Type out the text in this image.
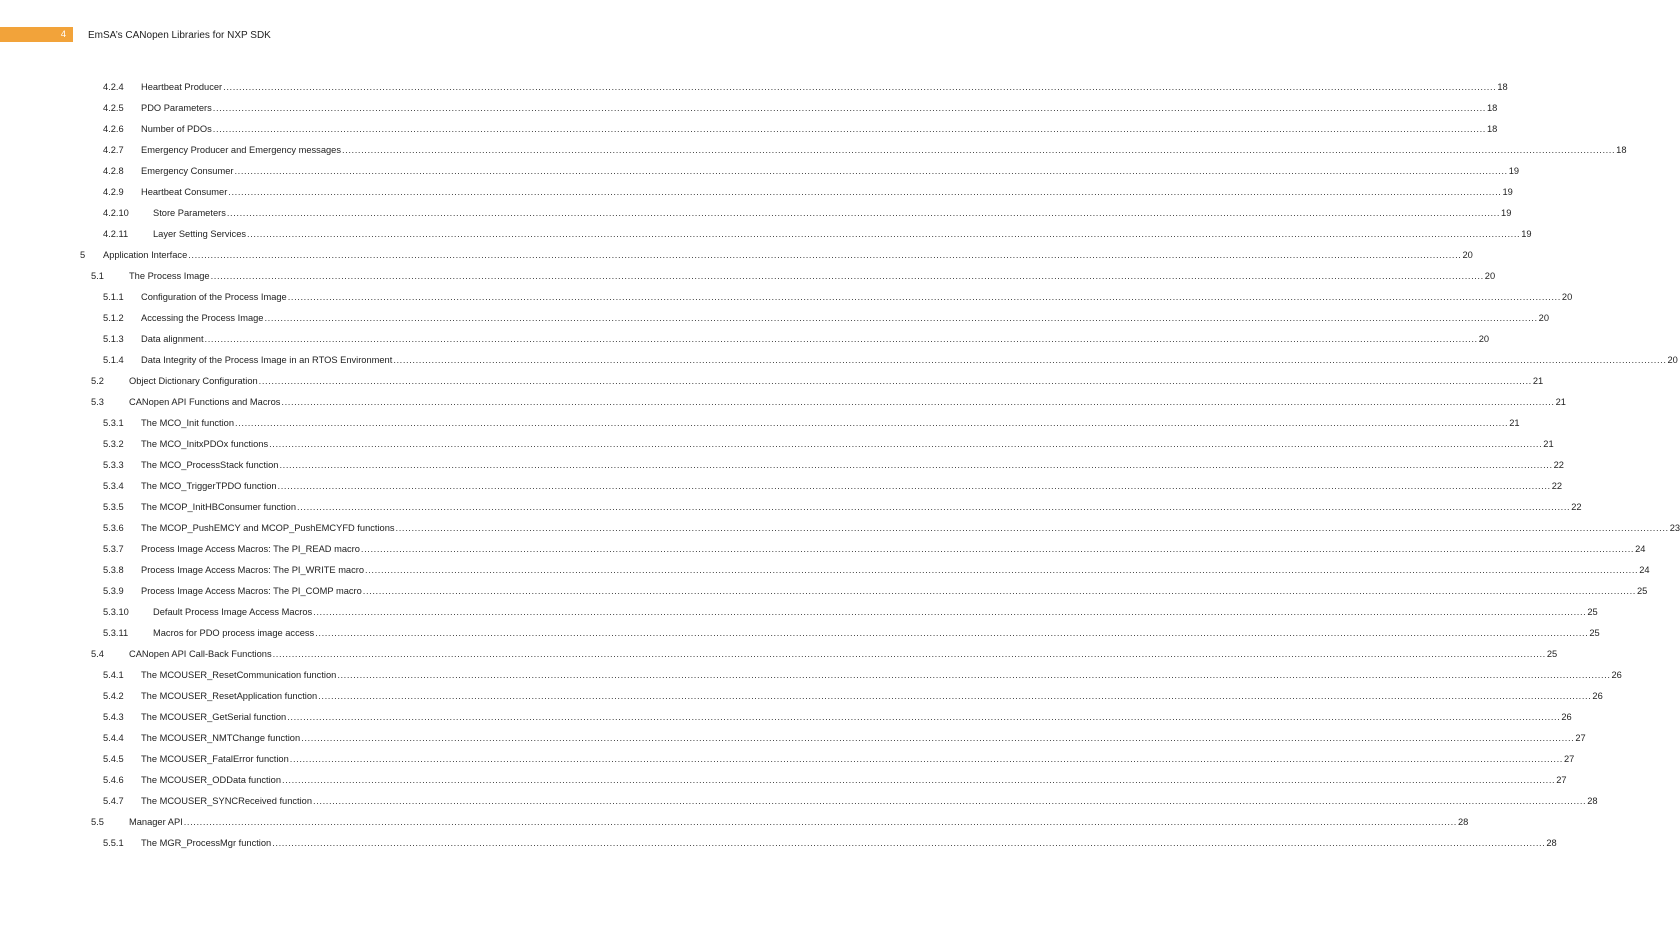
4 EmSA’s CANopen Libraries for NXP SDK
4.2.4 Heartbeat Producer ................................................................................................................................................................................................................................................................................................................................................................................................................ 18
4.2.5 PDO Parameters ................................................................................................................................................................................................................................................................................................................................................................................................................ 18
4.2.6 Number of PDOs ................................................................................................................................................................................................................................................................................................................................................................................................................ 18
4.2.7 Emergency Producer and Emergency messages ................................................................................................................................................................................................................................................................................................................................................................................................................ 18
4.2.8 Emergency Consumer ................................................................................................................................................................................................................................................................................................................................................................................................................ 19
4.2.9 Heartbeat Consumer ................................................................................................................................................................................................................................................................................................................................................................................................................ 19
4.2.10	Store Parameters ................................................................................................................................................................................................................................................................................................................................................................................................................ 19
4.2.11	Layer Setting Services ................................................................................................................................................................................................................................................................................................................................................................................................................ 19
5 Application Interface ................................................................................................................................................................................................................................................................................................................................................................................................................ 20
5.1	The Process Image ................................................................................................................................................................................................................................................................................................................................................................................................................ 20
5.1.1 Configuration of the Process Image ................................................................................................................................................................................................................................................................................................................................................................................................................ 20
5.1.2 Accessing the Process Image ................................................................................................................................................................................................................................................................................................................................................................................................................ 20
5.1.3 Data alignment ................................................................................................................................................................................................................................................................................................................................................................................................................ 20
5.1.4 Data Integrity of the Process Image in an RTOS Environment ................................................................................................................................................................................................................................................................................................................................................................................................................ 20
5.2	Object Dictionary Configuration ................................................................................................................................................................................................................................................................................................................................................................................................................ 21
5.3	CANopen API Functions and Macros ................................................................................................................................................................................................................................................................................................................................................................................................................ 21
5.3.1 The MCO_Init function ................................................................................................................................................................................................................................................................................................................................................................................................................ 21
5.3.2 The MCO_InitxPDOx functions ................................................................................................................................................................................................................................................................................................................................................................................................................ 21
5.3.3 The MCO_ProcessStack function ................................................................................................................................................................................................................................................................................................................................................................................................................ 22
5.3.4 The MCO_TriggerTPDO function ................................................................................................................................................................................................................................................................................................................................................................................................................ 22
5.3.5 The MCOP_InitHBConsumer function ................................................................................................................................................................................................................................................................................................................................................................................................................ 22
5.3.6 The MCOP_PushEMCY and MCOP_PushEMCYFD functions ................................................................................................................................................................................................................................................................................................................................................................................................................ 23
5.3.7 Process Image Access Macros: The PI_READ macro ................................................................................................................................................................................................................................................................................................................................................................................................................ 24
5.3.8 Process Image Access Macros: The PI_WRITE macro ................................................................................................................................................................................................................................................................................................................................................................................................................ 24
5.3.9 Process Image Access Macros: The PI_COMP macro ................................................................................................................................................................................................................................................................................................................................................................................................................ 25
5.3.10	Default Process Image Access Macros ................................................................................................................................................................................................................................................................................................................................................................................................................ 25
5.3.11	Macros for PDO process image access ................................................................................................................................................................................................................................................................................................................................................................................................................ 25
5.4	CANopen API Call-Back Functions ................................................................................................................................................................................................................................................................................................................................................................................................................ 25
5.4.1 The MCOUSER_ResetCommunication function ................................................................................................................................................................................................................................................................................................................................................................................................................ 26
5.4.2 The MCOUSER_ResetApplication function ................................................................................................................................................................................................................................................................................................................................................................................................................ 26
5.4.3 The MCOUSER_GetSerial function ................................................................................................................................................................................................................................................................................................................................................................................................................ 26
5.4.4 The MCOUSER_NMTChange function ................................................................................................................................................................................................................................................................................................................................................................................................................ 27
5.4.5 The MCOUSER_FatalError function ................................................................................................................................................................................................................................................................................................................................................................................................................ 27
5.4.6 The MCOUSER_ODData function ................................................................................................................................................................................................................................................................................................................................................................................................................ 27
5.4.7 The MCOUSER_SYNCReceived function ................................................................................................................................................................................................................................................................................................................................................................................................................ 28
5.5	Manager API ................................................................................................................................................................................................................................................................................................................................................................................................................ 28
5.5.1 The MGR_ProcessMgr function ................................................................................................................................................................................................................................................................................................................................................................................................................ 28
